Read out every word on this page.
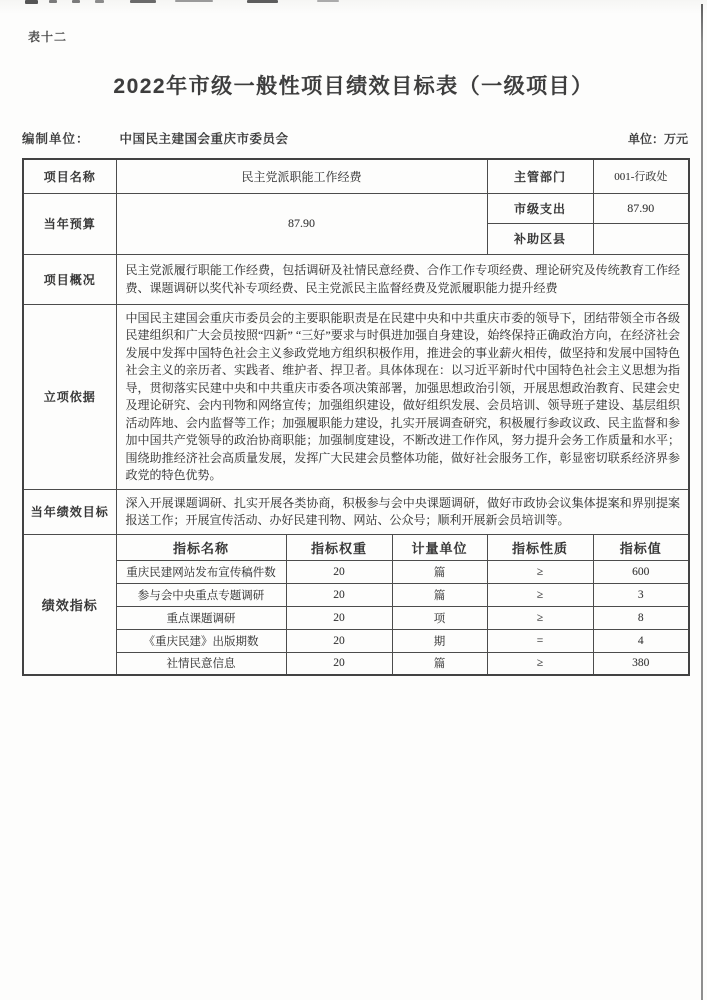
表十二
2022年市级一般性项目绩效目标表（一级项目）
编制单位： 中国民主建国会重庆市委员会	单位：万元
项目名称	民主党派职能工作经费			主管部门	001-行政处
当年预算	87.90			市级支出	87.90
				补助区县	
项目概况	民主党派履行职能工作经费，包括调研及社情民意经费、合作工作专项经费、理论研究及传统教育工作经费、课题调研以奖代补专项经费、民主党派民主监督经费及党派履职能力提升经费				
立项依据	中国民主建国会重庆市委员会的主要职能职责是在民建中央和中共重庆市委的领导下，团结带领全市各级民建组织和广大会员按照“四新” “三好”要求与时俱进加强自身建设，始终保持正确政治方向，在经济社会发展中发挥中国特色社会主义参政党地方组织积极作用，推进会的事业薪火相传，做坚持和发展中国特色社会主义的亲历者、实践者、维护者、捍卫者。具体体现在：以习近平新时代中国特色社会主义思想为指导，贯彻落实民建中央和中共重庆市委各项决策部署，加强思想政治引领，开展思想政治教育、民建会史及理论研究、会内刊物和网络宣传；加强组织建设，做好组织发展、会员培训、领导班子建设、基层组织活动阵地、会内监督等工作；加强履职能力建设，扎实开展调查研究，积极履行参政议政、民主监督和参加中国共产党领导的政治协商职能；加强制度建设，不断改进工作作风，努力提升会务工作质量和水平；围绕助推经济社会高质量发展，发挥广大民建会员整体功能，做好社会服务工作，彰显密切联系经济界参政党的特色优势。				
当年绩效目标	深入开展课题调研、扎实开展各类协商，积极参与会中央课题调研，做好市政协会议集体提案和界别提案报送工作；开展宣传活动、办好民建刊物、网站、公众号；顺利开展新会员培训等。				
绩效指标	指标名称	指标权重	计量单位	指标性质	指标值
	重庆民建网站发布宣传稿件数	20	篇	≥	600
	参与会中央重点专题调研	20	篇	≥	3
	重点课题调研	20	项	≥	8
	《重庆民建》出版期数	20	期	=	4
	社情民意信息	20	篇	≥	380
